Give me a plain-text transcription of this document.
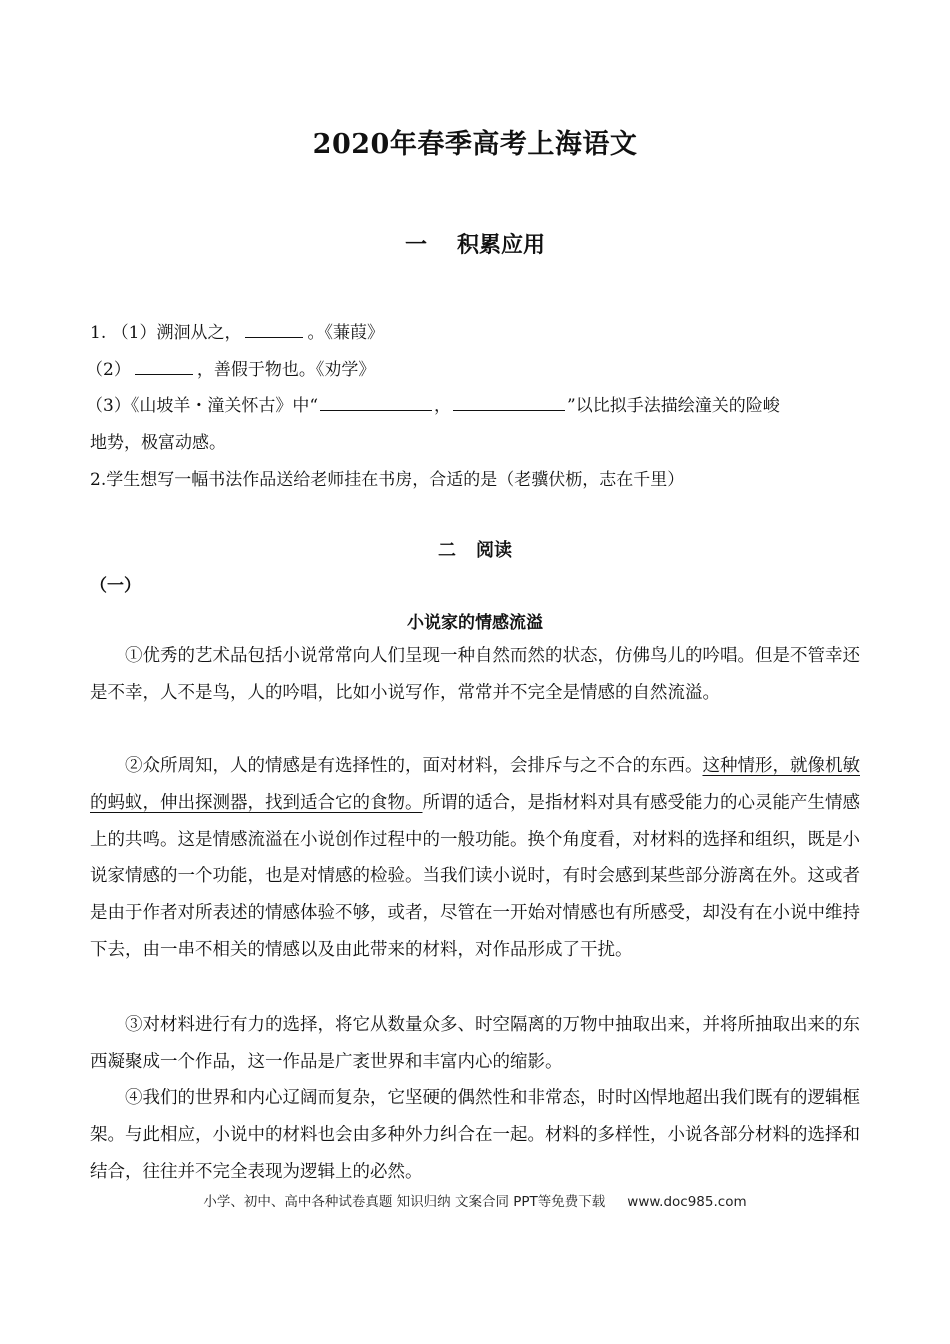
2020年春季高考上海语文
一 积累应用
1. （1）溯洄从之，	。《蒹葭》
（2）	，善假于物也。《劝学》
（3）《山坡羊・潼关怀古》中“	，	”以比拟手法描绘潼关的险峻
地势，极富动感。
2.学生想写一幅书法作品送给老师挂在书房，合适的是（老骥伏枥，志在千里）
二 阅读
（一）
小说家的情感流溢

①优秀的艺术品包括小说常常向人们呈现一种自然而然的状态，仿佛鸟儿的吟唱。但是不管幸还是不幸，人不是鸟，人的吟唱，比如小说写作，常常并不完全是情感的自然流溢。

②众所周知，人的情感是有选择性的，面对材料，会排斥与之不合的东西。这种情形，就像机敏的蚂蚁，伸出探测器，找到适合它的食物。所谓的适合，是指材料对具有感受能力的心灵能产生情感上的共鸣。这是情感流溢在小说创作过程中的一般功能。换个角度看，对材料的选择和组织，既是小说家情感的一个功能，也是对情感的检验。当我们读小说时，有时会感到某些部分游离在外。这或者是由于作者对所表述的情感体验不够，或者，尽管在一开始对情感也有所感受，却没有在小说中维持下去，由一串不相关的情感以及由此带来的材料，对作品形成了干扰。

③对材料进行有力的选择，将它从数量众多、时空隔离的万物中抽取出来，并将所抽取出来的东西凝聚成一个作品，这一作品是广袤世界和丰富内心的缩影。

④我们的世界和内心辽阔而复杂，它坚硬的偶然性和非常态，时时凶悍地超出我们既有的逻辑框架。与此相应，小说中的材料也会由多种外力纠合在一起。材料的多样性，小说各部分材料的选择和结合，往往并不完全表现为逻辑上的必然。

小学、初中、高中各种试卷真题 知识归纳 文案合同 PPT等免费下载 www.doc985.com
